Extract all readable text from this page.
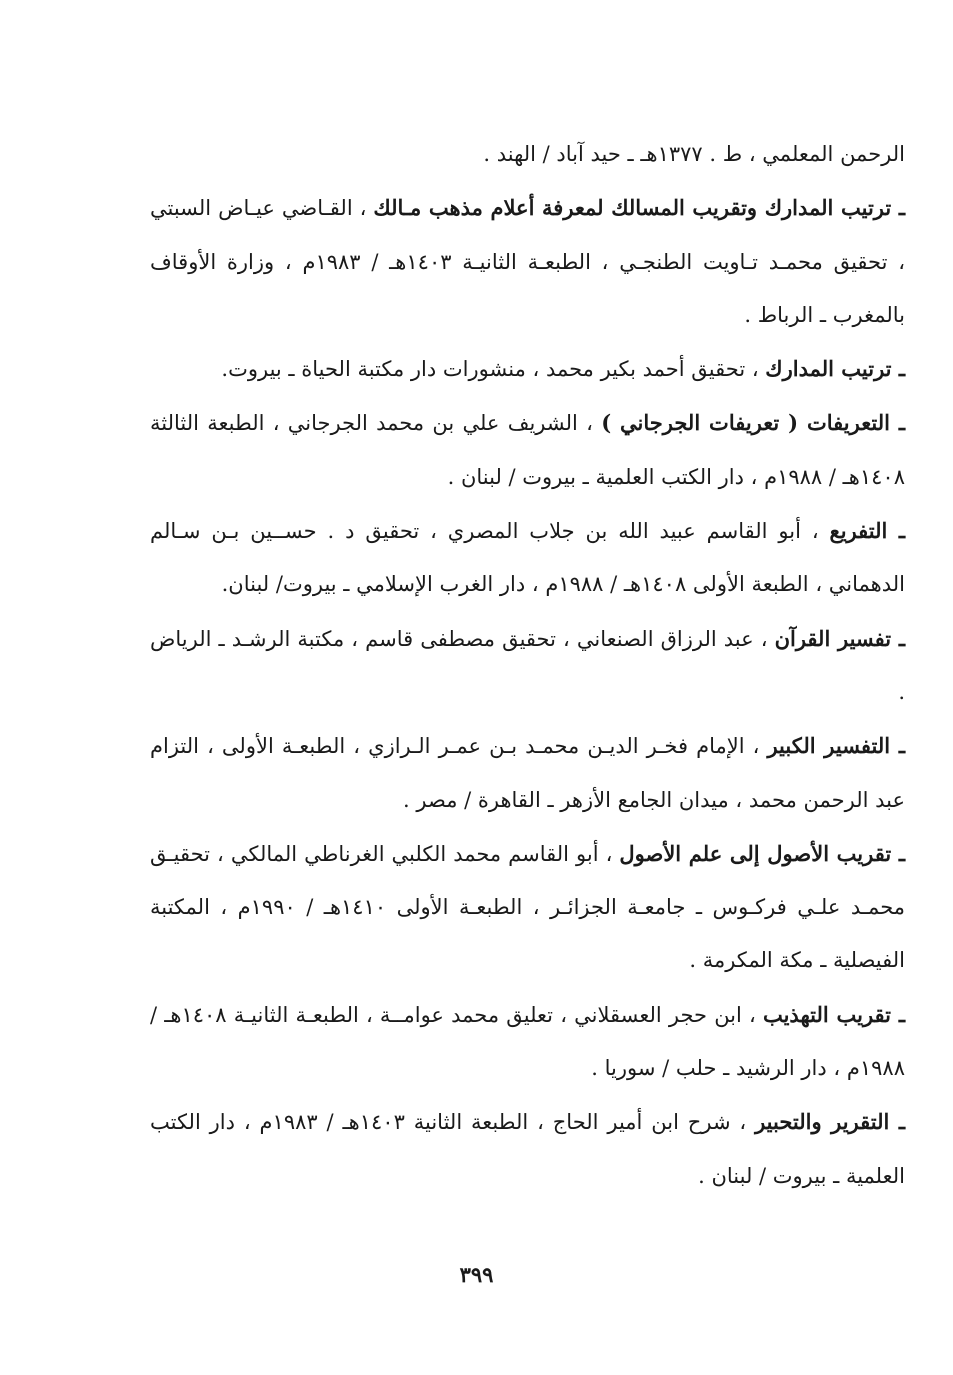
الرحمن المعلمي ، ط . ١٣٧٧هـ ـ حيد آباد / الهند .

ـ ترتيب المدارك وتقريب المسالك لمعرفة أعلام مذهب مـالك ، القـاضي عيـاض السبتي ، تحقيق محمـد تـاويت الطنجـي ، الطبعـة الثانيـة ١٤٠٣هـ / ١٩٨٣م ، وزارة الأوقاف بالمغرب ـ الرباط .

ـ ترتيب المدارك ، تحقيق أحمد بكير محمد ، منشورات دار مكتبة الحياة ـ بيروت.

ـ التعريفات ( تعريفات الجرجاني ) ، الشريف علي بن محمد الجرجاني ، الطبعة الثالثة ١٤٠٨هـ / ١٩٨٨م ، دار الكتب العلمية ـ بيروت / لبنان .

ـ التفريع ، أبو القاسم عبيد الله بن جلاب المصري ، تحقيق د . حســين بـن سـالم الدهماني ، الطبعة الأولى ١٤٠٨هـ / ١٩٨٨م ، دار الغرب الإسلامي ـ بيروت/ لبنان.

ـ تفسير القرآن ، عبد الرزاق الصنعاني ، تحقيق مصطفى قاسم ، مكتبة الرشـد ـ الرياض .

ـ التفسير الكبير ، الإمام فخـر الديـن محمـد بـن عمـر الـرازي ، الطبعـة الأولى ، التزام عبد الرحمن محمد ، ميدان الجامع الأزهر ـ القاهرة / مصر .

ـ تقريب الأصول إلى علم الأصول ، أبو القاسم محمد الكلبي الغرناطي المالكي ، تحقيـق محمـد علـي فركـوس ـ جامعـة الجزائـر ، الطبعـة الأولى ١٤١٠هـ / ١٩٩٠م ، المكتبة الفيصلية ـ مكة المكرمة .

ـ تقريب التهذيب ، ابن حجر العسقلاني ، تعليق محمد عوامــة ، الطبعـة الثانيـة ١٤٠٨هـ / ١٩٨٨م ، دار الرشيد ـ حلب / سوريا .

ـ التقرير والتحبير ، شرح ابن أمير الحاج ، الطبعة الثانية ١٤٠٣هـ / ١٩٨٣م ، دار الكتب العلمية ـ بيروت / لبنان .

٣٩٩
